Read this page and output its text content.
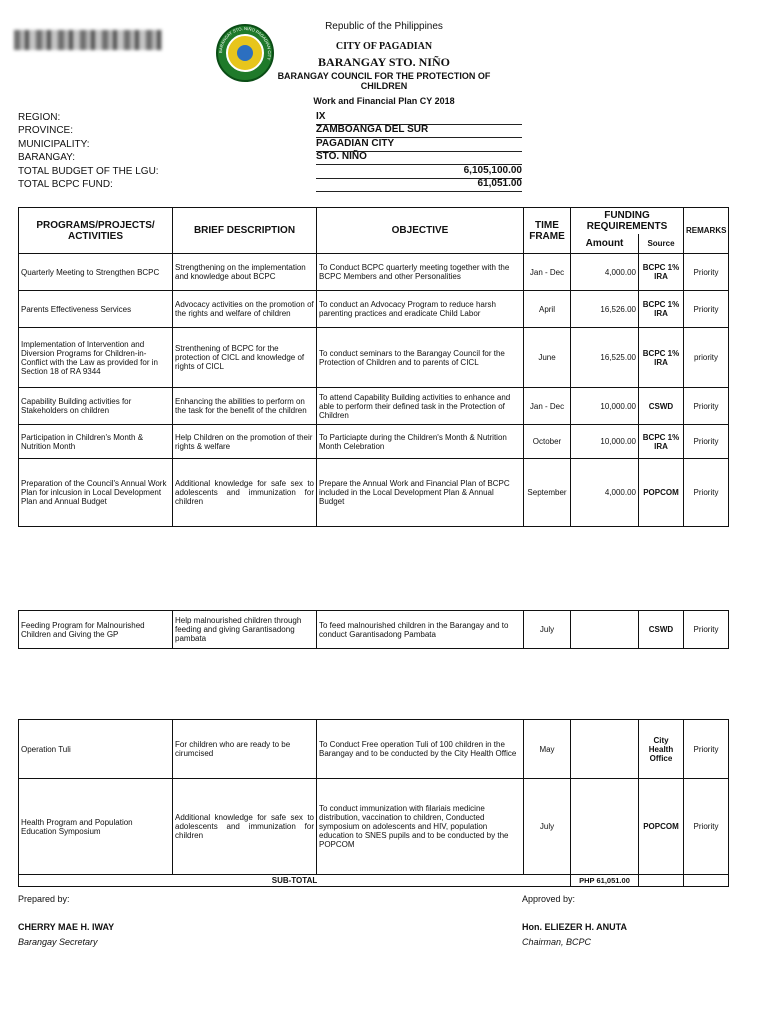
BARANGAY STO. NIÑO PAGADIAN CITY
Republic of the Philippines
CITY OF PAGADIAN
BARANGAY STO. NIÑO
BARANGAY COUNCIL FOR THE PROTECTION OF
CHILDREN
Work and Financial Plan CY 2018
REGION:	IX
PROVINCE:	ZAMBOANGA DEL SUR
MUNICIPALITY:	PAGADIAN CITY
BARANGAY:	STO. NIÑO
TOTAL BUDGET OF THE LGU:	6,105,100.00
TOTAL BCPC FUND:	61,051.00
PROGRAMS/PROJECTS/ ACTIVITIES	BRIEF DESCRIPTION	OBJECTIVE	TIME FRAME	FUNDING REQUIREMENTS		REMARKS
				Amount	Source	
Quarterly Meeting to Strengthen BCPC	Strengthening on the implementation and knowledge about BCPC	To Conduct BCPC quarterly meeting together with the BCPC Members and other Personalities	Jan - Dec	4,000.00	BCPC 1% IRA	Priority
Parents Effectiveness Services	Advocacy activities on the promotion of the rights and welfare of children	To conduct an Advocacy Program to reduce harsh parenting practices and eradicate Child Labor	April	16,526.00	BCPC 1% IRA	Priority
Implementation of Intervention and Diversion Programs for Children-in-Conflict with the Law as provided for in Section 18 of RA 9344	Strenthening of BCPC for the protection of CICL and knowledge of rights of CICL	To conduct seminars to the Barangay Council for the Protection of Children and to parents of CICL	June	16,525.00	BCPC 1% IRA	priority
Capability Building activities for Stakeholders on children	Enhancing the abilities to perform on the task for the benefit of the children	To attend Capability Building activities to enhance and able to perform their defined task in the Protection of Children	Jan - Dec	10,000.00	CSWD	Priority
Participation in Children's Month & Nutrition Month	Help Children on the promotion of their rights & welfare	To Particiapte during the Children's Month & Nutrition Month Celebration	October	10,000.00	BCPC 1% IRA	Priority
Preparation of the Council's Annual Work Plan for inlcusion in Local Development Plan and Annual Budget	Additional knowledge for safe sex to adolescents and immunization for children	Prepare the Annual Work and Financial Plan of BCPC included in the Local Development Plan & Annual Budget	September	4,000.00	POPCOM	Priority
Feeding Program for Malnourished Children and Giving the GP	Help malnourished children through feeding and giving Garantisadong pambata	To feed malnourished children in the Barangay and to conduct Garantisadong Pambata	July		CSWD	Priority
Operation Tuli	For children who are ready to be cirumcised	To Conduct Free operation Tuli of 100 children in the Barangay and to be conducted by the City Health Office	May		City Health Office	Priority
Health Program and Population Education Symposium	Additional knowledge for safe sex to adolescents and immunization for children	To conduct immunization with filariais medicine distribution, vaccination to children, Conducted symposium on adolescents and HIV, population education to SNES pupils and to be conducted by the POPCOM	July		POPCOM	Priority
SUB-TOTAL				PHP 61,051.00		
Prepared by:
CHERRY MAE H. IWAY
Barangay Secretary
Approved by:
Hon. ELIEZER H. ANUTA
Chairman, BCPC
